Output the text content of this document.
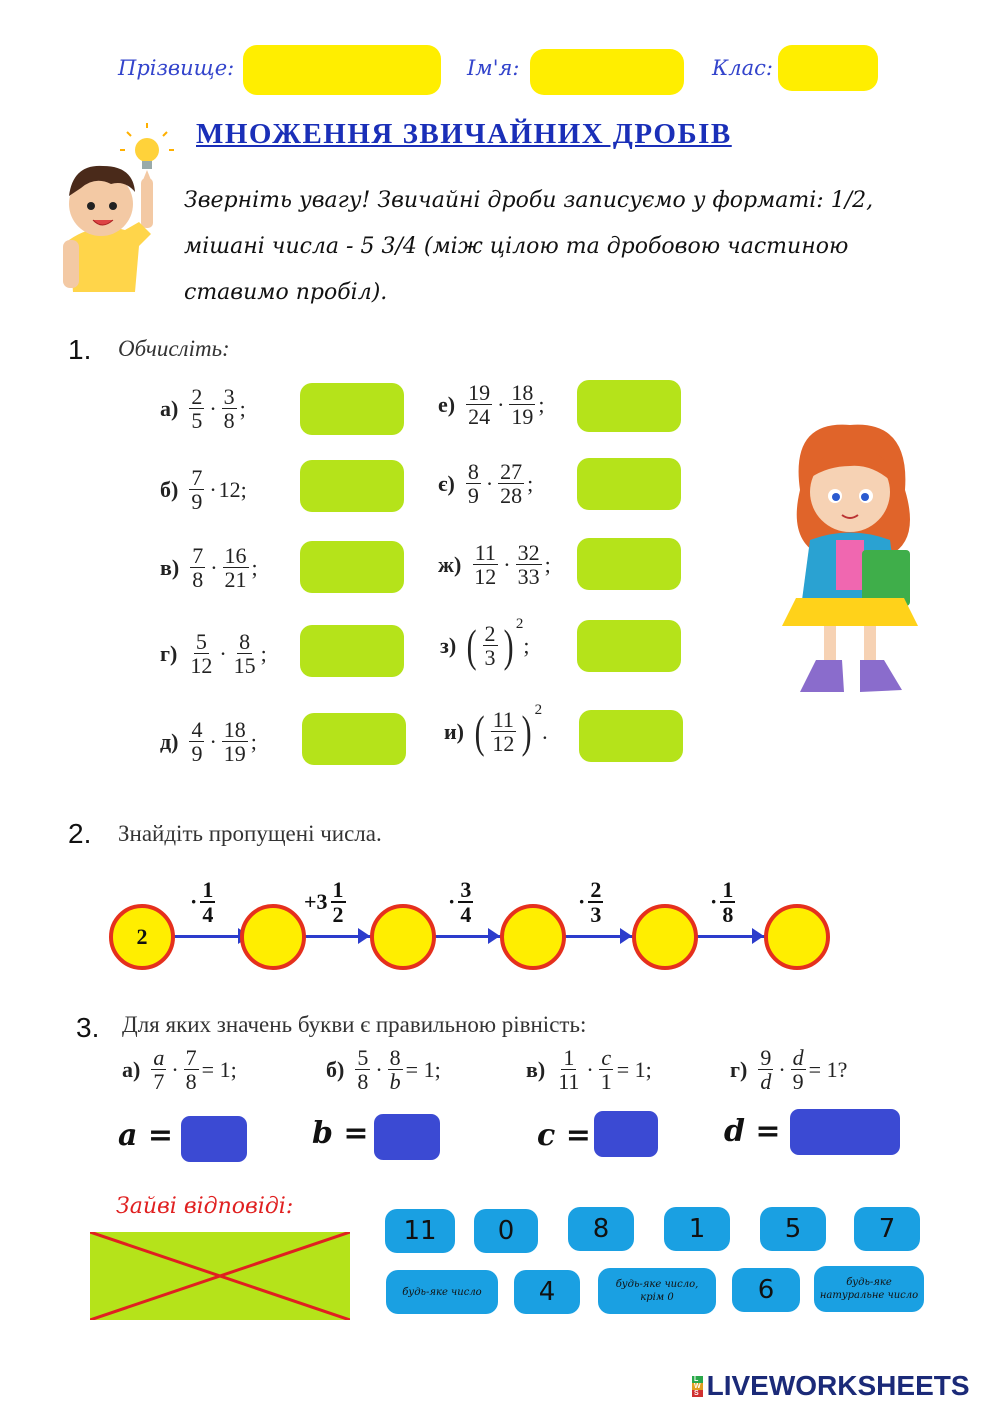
Прізвище:	Ім'я:	Клас:
МНОЖЕННЯ ЗВИЧАЙНИХ ДРОБІВ
Зверніть увагу! Звичайні дроби записуємо у форматі: 1/2,
мішані числа - 5 3/4 (між цілою та дробовою частиною
ставимо пробіл).
1. Обчисліть:
$а) \frac{2}{5} \cdot \frac{3}{8}$ ;
$б) \frac{7}{9} \cdot 12$ ;
$в) \frac{7}{8} \cdot \frac{16}{21}$ ;
$г) \frac{5}{12} \cdot \frac{8}{15}$ ;
$д) \frac{4}{9} \cdot \frac{18}{19}$ ;
$е) \frac{19}{24} \cdot \frac{18}{19}$ ;
$є) \frac{8}{9} \cdot \frac{27}{28}$ ;
$ж) \frac{11}{12} \cdot \frac{32}{33}$ ;
з) ( $\frac{2}{3}$ ) 2
;
и) ( $\frac{11}{12}$ ) 2
.
2. Знайдіть пропущені числа.
2
· $\frac{1}{4}$	$+3 \frac{1}{2}$	· $\frac{3}{4}$	· $\frac{2}{3}$	· $\frac{1}{8}$
3. Для яких значень букви є правильною рівність:
$а) \frac{a}{7} \cdot \frac{7}{8} = 1$;	$б) \frac{5}{8} \cdot \frac{8}{b} = 1$;	$в) \frac{1}{11} \cdot \frac{c}{1} = 1$;	$г) \frac{9}{d} \cdot \frac{d}{9} = 1$?
a =	b =	c =	d =
Зайві відповіді:
11	0	8	1	5	7
будь-яке число	4	будь-яке число,
крім 0	6	будь-яке
натуральне число
L
W
S LIVEWORKSHEETS
